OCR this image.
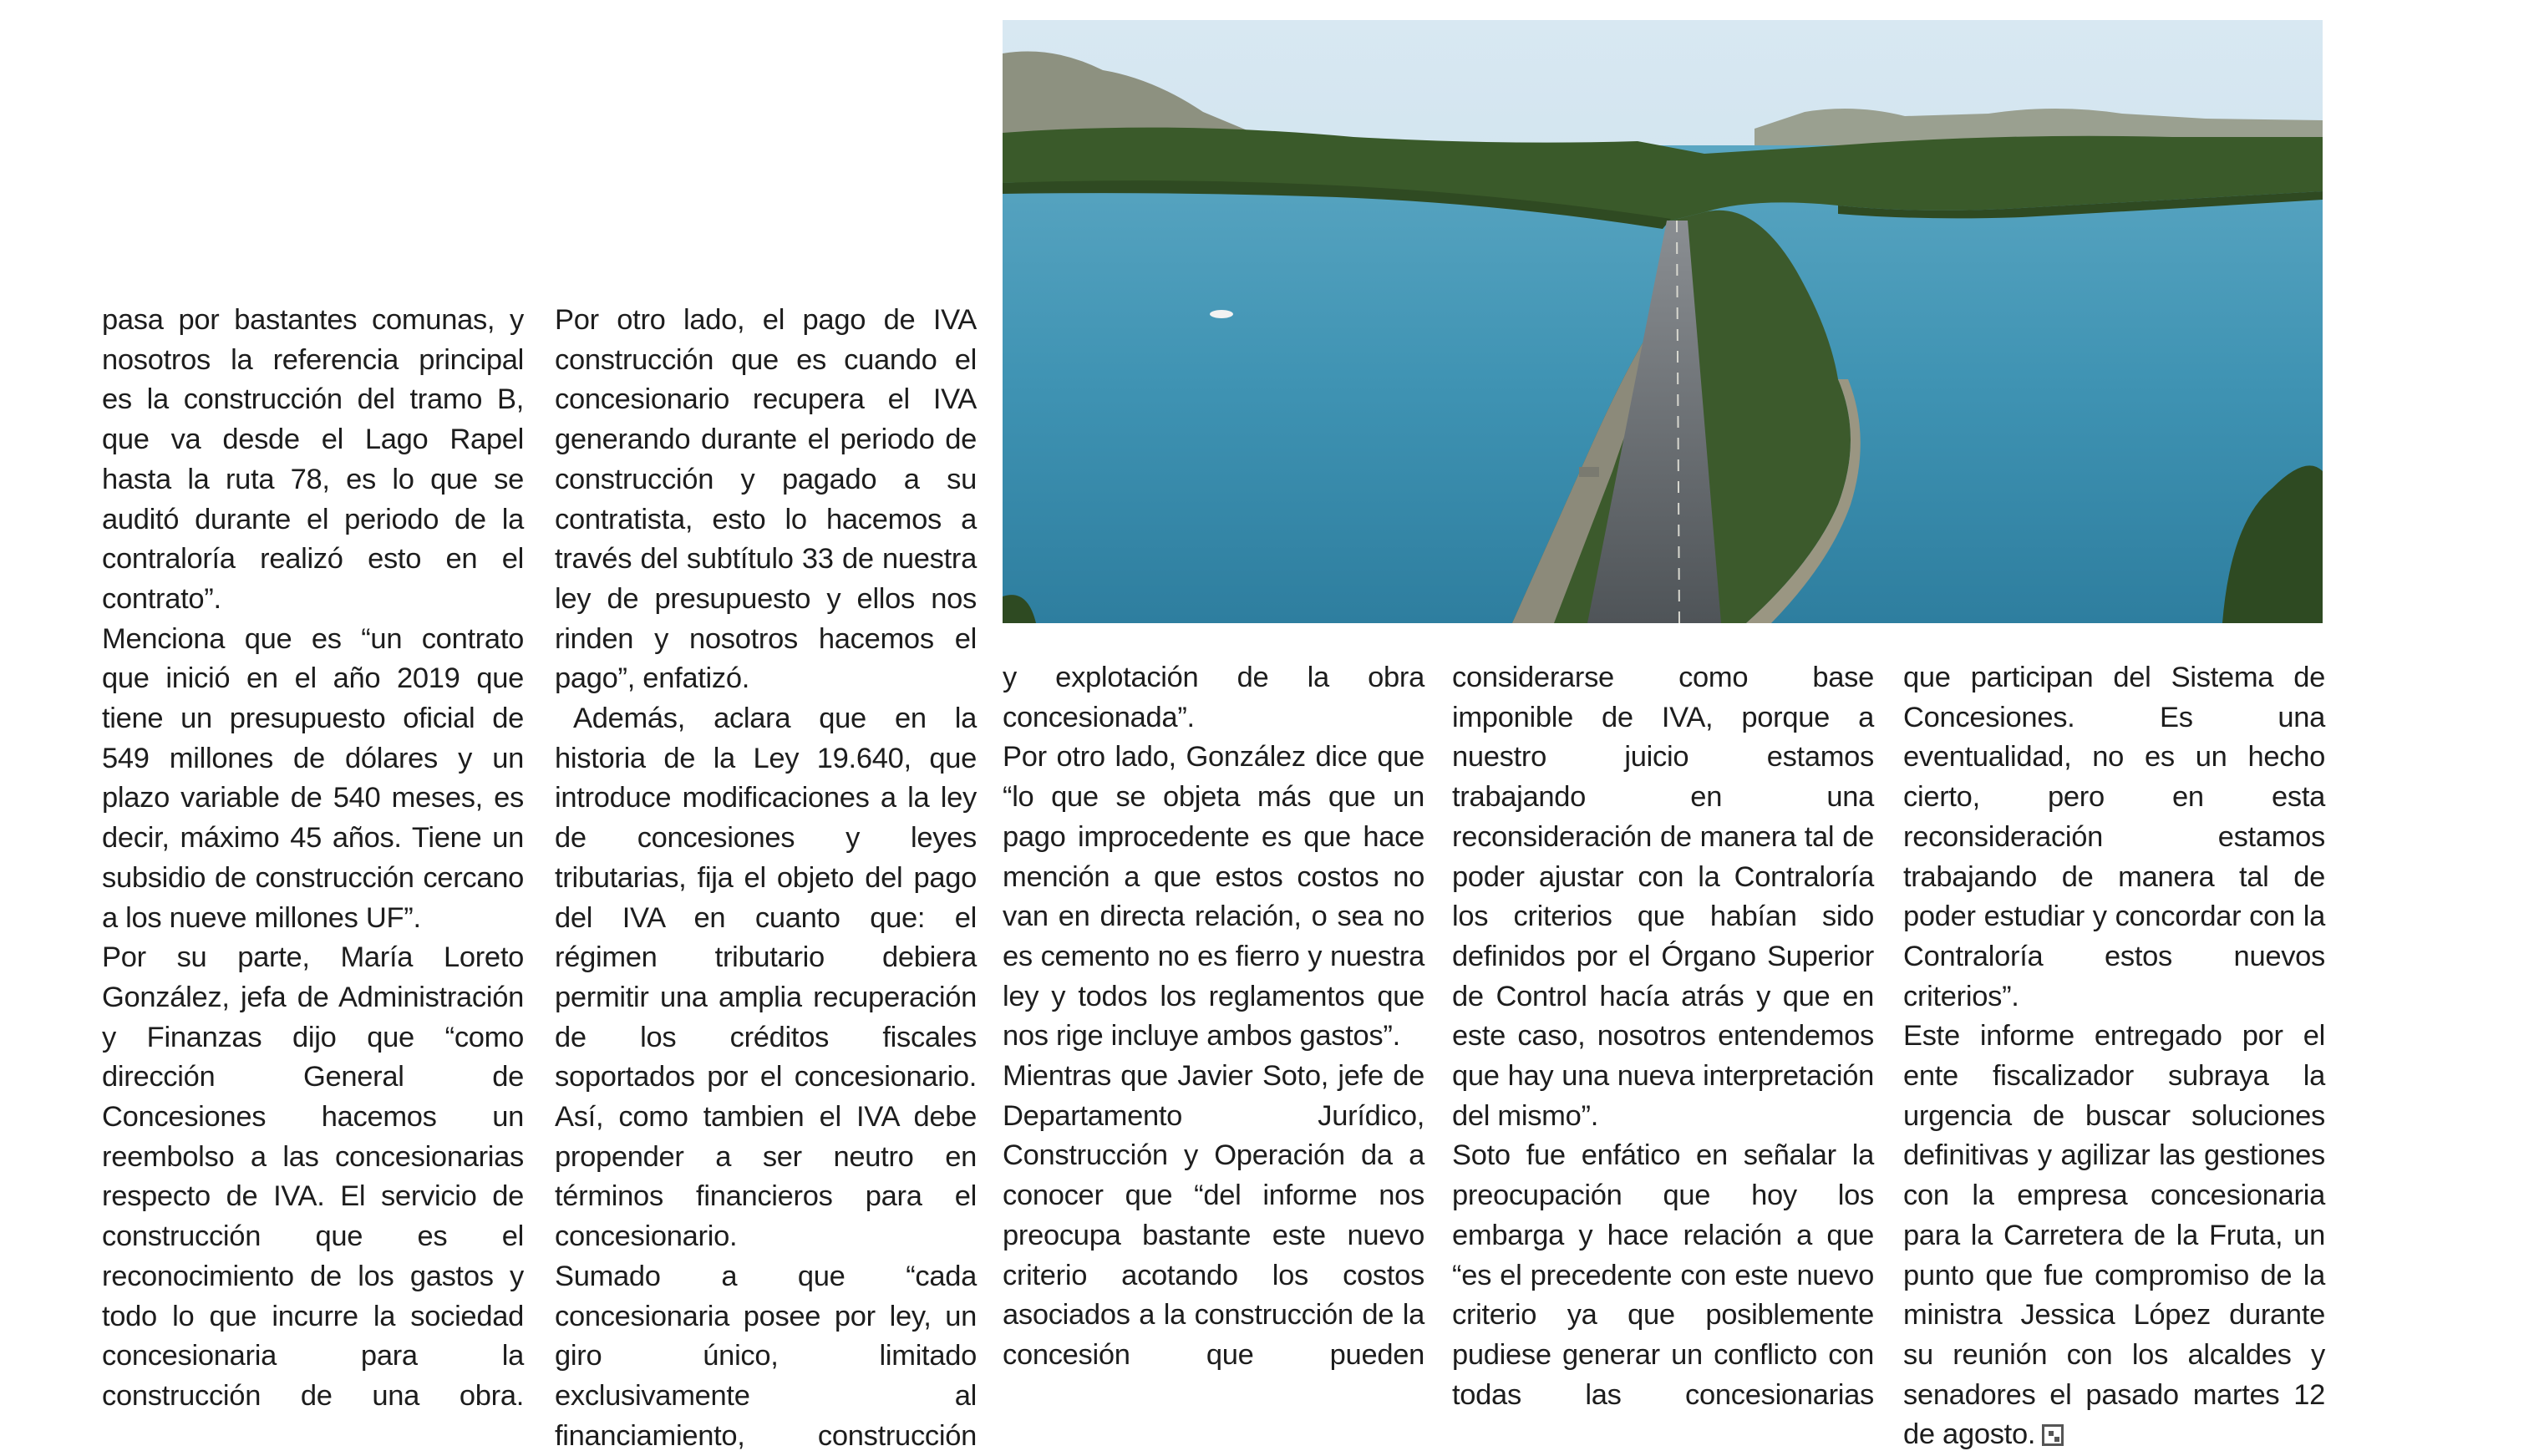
pasa por bastantes comunas, y nosotros la referencia principal es la construcción del tramo B, que va desde el Lago Rapel hasta la ruta 78, es lo que se auditó durante el periodo de la contraloría realizó esto en el contrato”.

Menciona que es “un contrato que inició en el año 2019 que tiene un presupuesto oficial de 549 millones de dólares y un plazo variable de 540 meses, es decir, máximo 45 años. Tiene un subsidio de construcción cercano a los nueve millones UF”.

Por su parte, María Loreto González, jefa de Administración y Finanzas dijo que “como dirección General de Concesiones hacemos un reembolso a las concesionarias respecto de IVA. El servicio de construcción que es el reconocimiento de los gastos y todo lo que incurre la sociedad concesionaria para la construcción de una obra.

Por otro lado, el pago de IVA construcción que es cuando el concesionario recupera el IVA generando durante el periodo de construcción y pagado a su contratista, esto lo hacemos a través del subtítulo 33 de nuestra ley de presupuesto y ellos nos rinden y nosotros hacemos el pago”, enfatizó.

Además, aclara que en la historia de la Ley 19.640, que introduce modificaciones a la ley de concesiones y leyes tributarias, fija el objeto del pago del IVA en cuanto que: el régimen tributario debiera permitir una amplia recuperación de los créditos fiscales soportados por el concesionario. Así, como tambien el IVA debe propender a ser neutro en términos financieros para el concesionario.

Sumado a que “cada concesionaria posee por ley, un giro único, limitado exclusivamente al financiamiento, construcción

y explotación de la obra concesionada”.

Por otro lado, González dice que “lo que se objeta más que un pago improcedente es que hace mención a que estos costos no van en directa relación, o sea no es cemento no es fierro y nuestra ley y todos los reglamentos que nos rige incluye ambos gastos”.

Mientras que Javier Soto, jefe de Departamento Jurídico, Construcción y Operación da a conocer que “del informe nos preocupa bastante este nuevo criterio acotando los costos asociados a la construcción de la concesión que pueden

considerarse como base imponible de IVA, porque a nuestro juicio estamos trabajando en una reconsideración de manera tal de poder ajustar con la Contraloría los criterios que habían sido definidos por el Órgano Superior de Control hacía atrás y que en este caso, nosotros entendemos que hay una nueva interpretación del mismo”.

Soto fue enfático en señalar la preocupación que hoy los embarga y hace relación a que “es el precedente con este nuevo criterio ya que posiblemente pudiese generar un conflicto con todas las concesionarias

que participan del Sistema de Concesiones. Es una eventualidad, no es un hecho cierto, pero en esta reconsideración estamos trabajando de manera tal de poder estudiar y concordar con la Contraloría estos nuevos criterios”.

Este informe entregado por el ente fiscalizador subraya la urgencia de buscar soluciones definitivas y agilizar las gestiones con la empresa concesionaria para la Carretera de la Fruta, un punto que fue compromiso de la ministra Jessica López durante su reunión con los alcaldes y senadores el pasado martes 12 de agosto.
